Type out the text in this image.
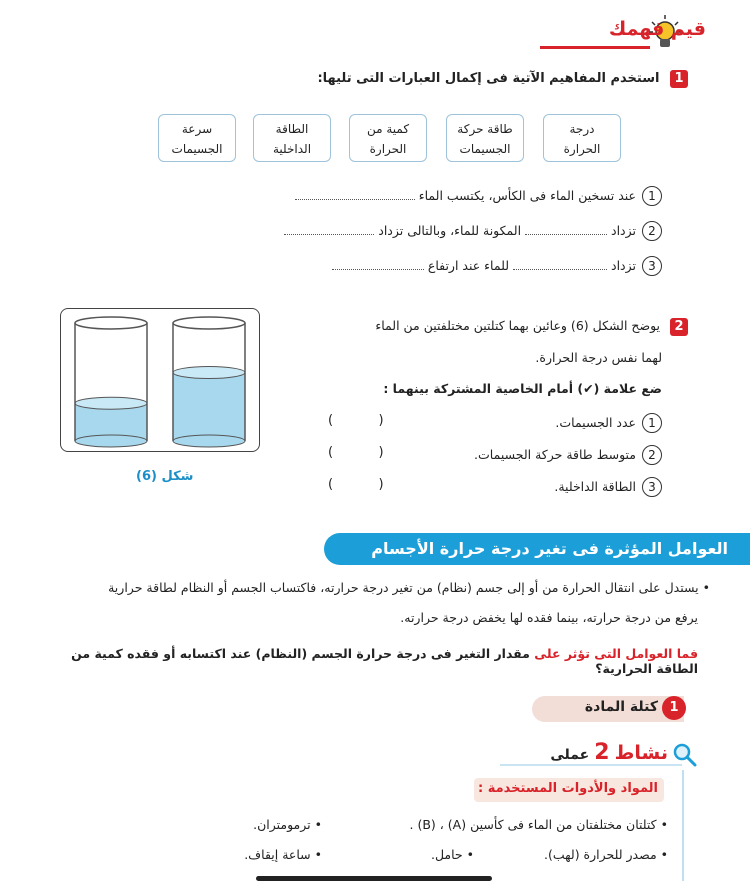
قيم فهمك
1 استخدم المفاهيم الآتية فى إكمال العبارات التى تليها:
درجة
الحرارة
طاقة حركة
الجسيمات
كمية من
الحرارة
الطاقة
الداخلية
سرعة
الجسيمات
1عند تسخين الماء فى الكأس، يكتسب الماء
2تزداد  المكونة للماء، وبالتالى تزداد
3تزداد  للماء عند ارتفاع
شكل (6)
2 يوضح الشكل (6) وعائين بهما كتلتين مختلفتين من الماء
لهما نفس درجة الحرارة.
ضع علامة (✔) أمام الخاصية المشتركة بينهما :
1عدد الجسيمات.
2متوسط طاقة حركة الجسيمات.
3الطاقة الداخلية.
(           )
(           )
(           )
العوامل المؤثرة فى تغير درجة حرارة الأجسام
• يستدل على انتقال الحرارة من أو إلى جسم (نظام) من تغير درجة حرارته، فاكتساب الجسم أو النظام لطاقة حرارية
يرفع من درجة حرارته، بينما فقده لها يخفض درجة حرارته.
فما العوامل التى تؤثر على مقدار التغير فى درجة حرارة الجسم (النظام) عند اكتسابه أو فقده كمية من الطاقة الحرارية؟
كتلة المادة 1
نشاط 2 عملى
المواد والأدوات المستخدمة :
• كتلتان مختلفتان من الماء فى كأسين (A) ، (B) .
• ترمومتران.
• مصدر للحرارة (لهب).
• حامل.
• ساعة إيقاف.
